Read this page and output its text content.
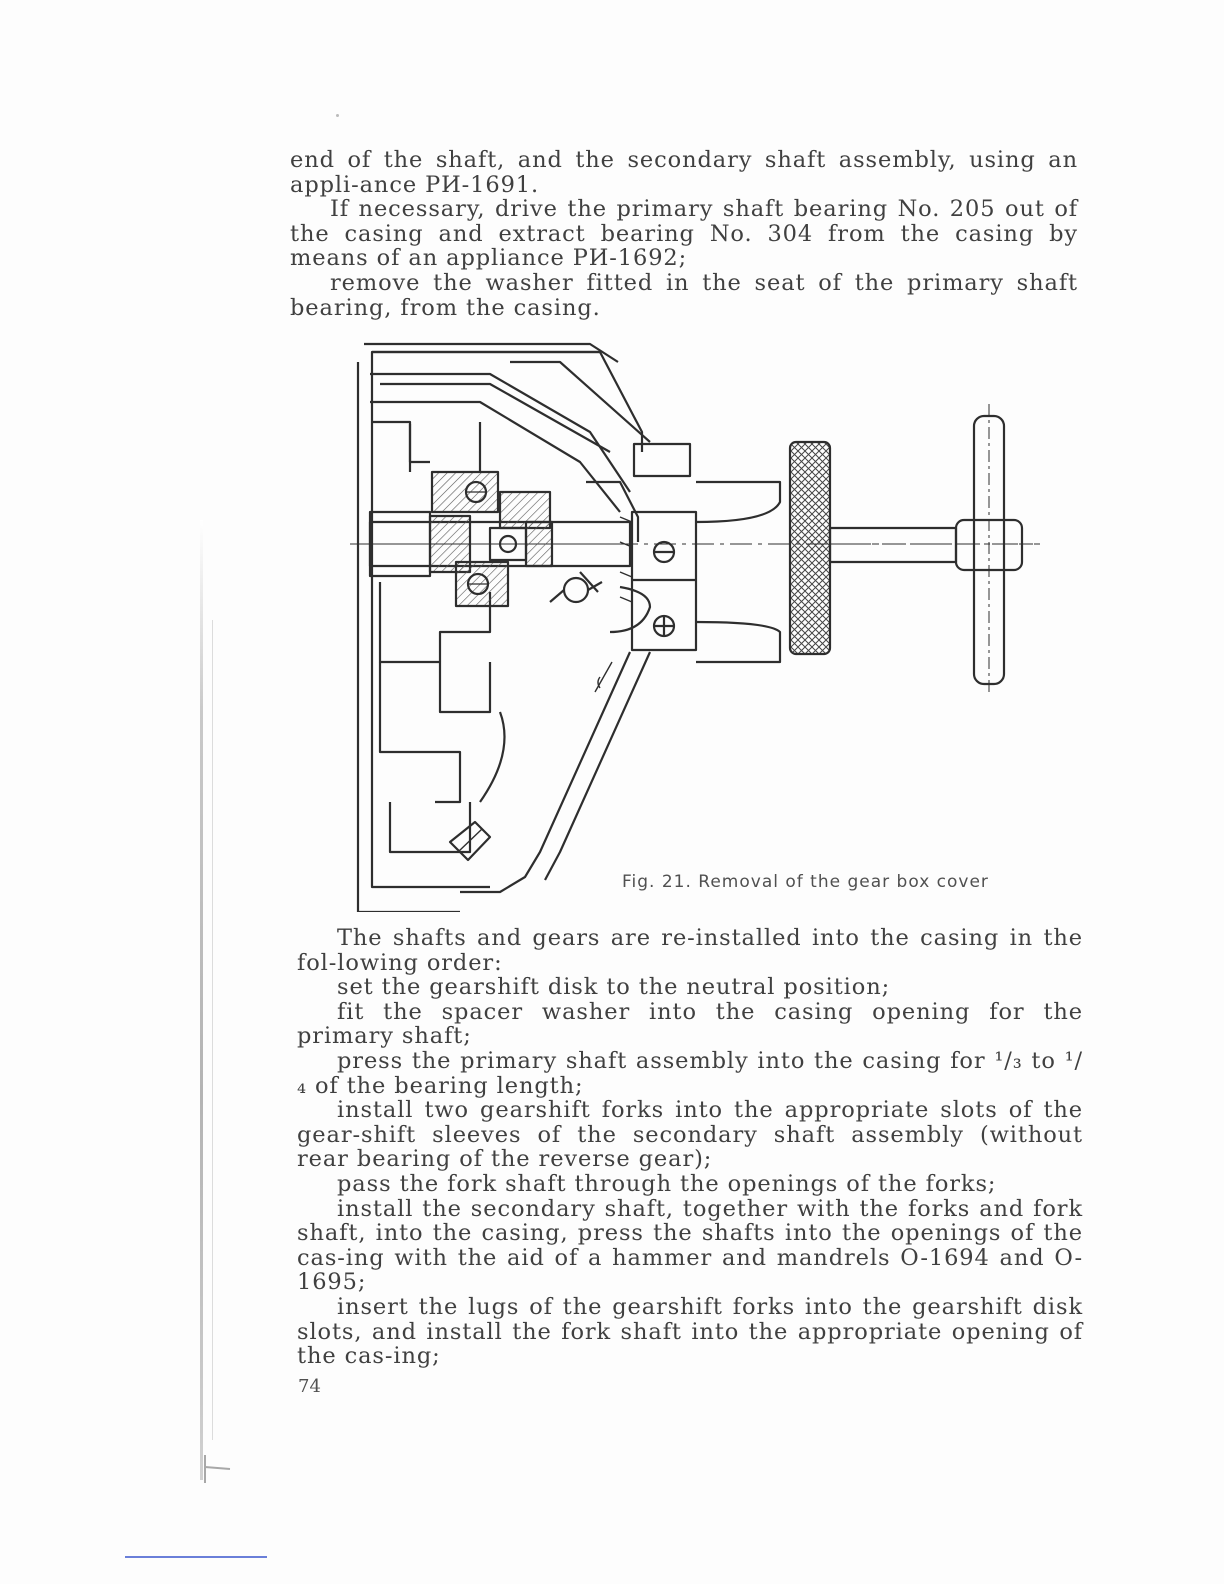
end of the shaft, and the secondary shaft assembly, using an appli-ance PИ-1691.

If necessary, drive the primary shaft bearing No. 205 out of the casing and extract bearing No. 304 from the casing by means of an appliance PИ-1692;

remove the washer fitted in the seat of the primary shaft bearing, from the casing.

Fig. 21. Removal of the gear box cover

The shafts and gears are re-installed into the casing in the fol-lowing order:

set the gearshift disk to the neutral position;

fit the spacer washer into the casing opening for the primary shaft;

press the primary shaft assembly into the casing for ¹/₃ to ¹/₄ of the bearing length;

install two gearshift forks into the appropriate slots of the gear-shift sleeves of the secondary shaft assembly (without rear bearing of the reverse gear);

pass the fork shaft through the openings of the forks;

install the secondary shaft, together with the forks and fork shaft, into the casing, press the shafts into the openings of the cas-ing with the aid of a hammer and mandrels O-1694 and O-1695;

insert the lugs of the gearshift forks into the gearshift disk slots, and install the fork shaft into the appropriate opening of the cas-ing;

74
